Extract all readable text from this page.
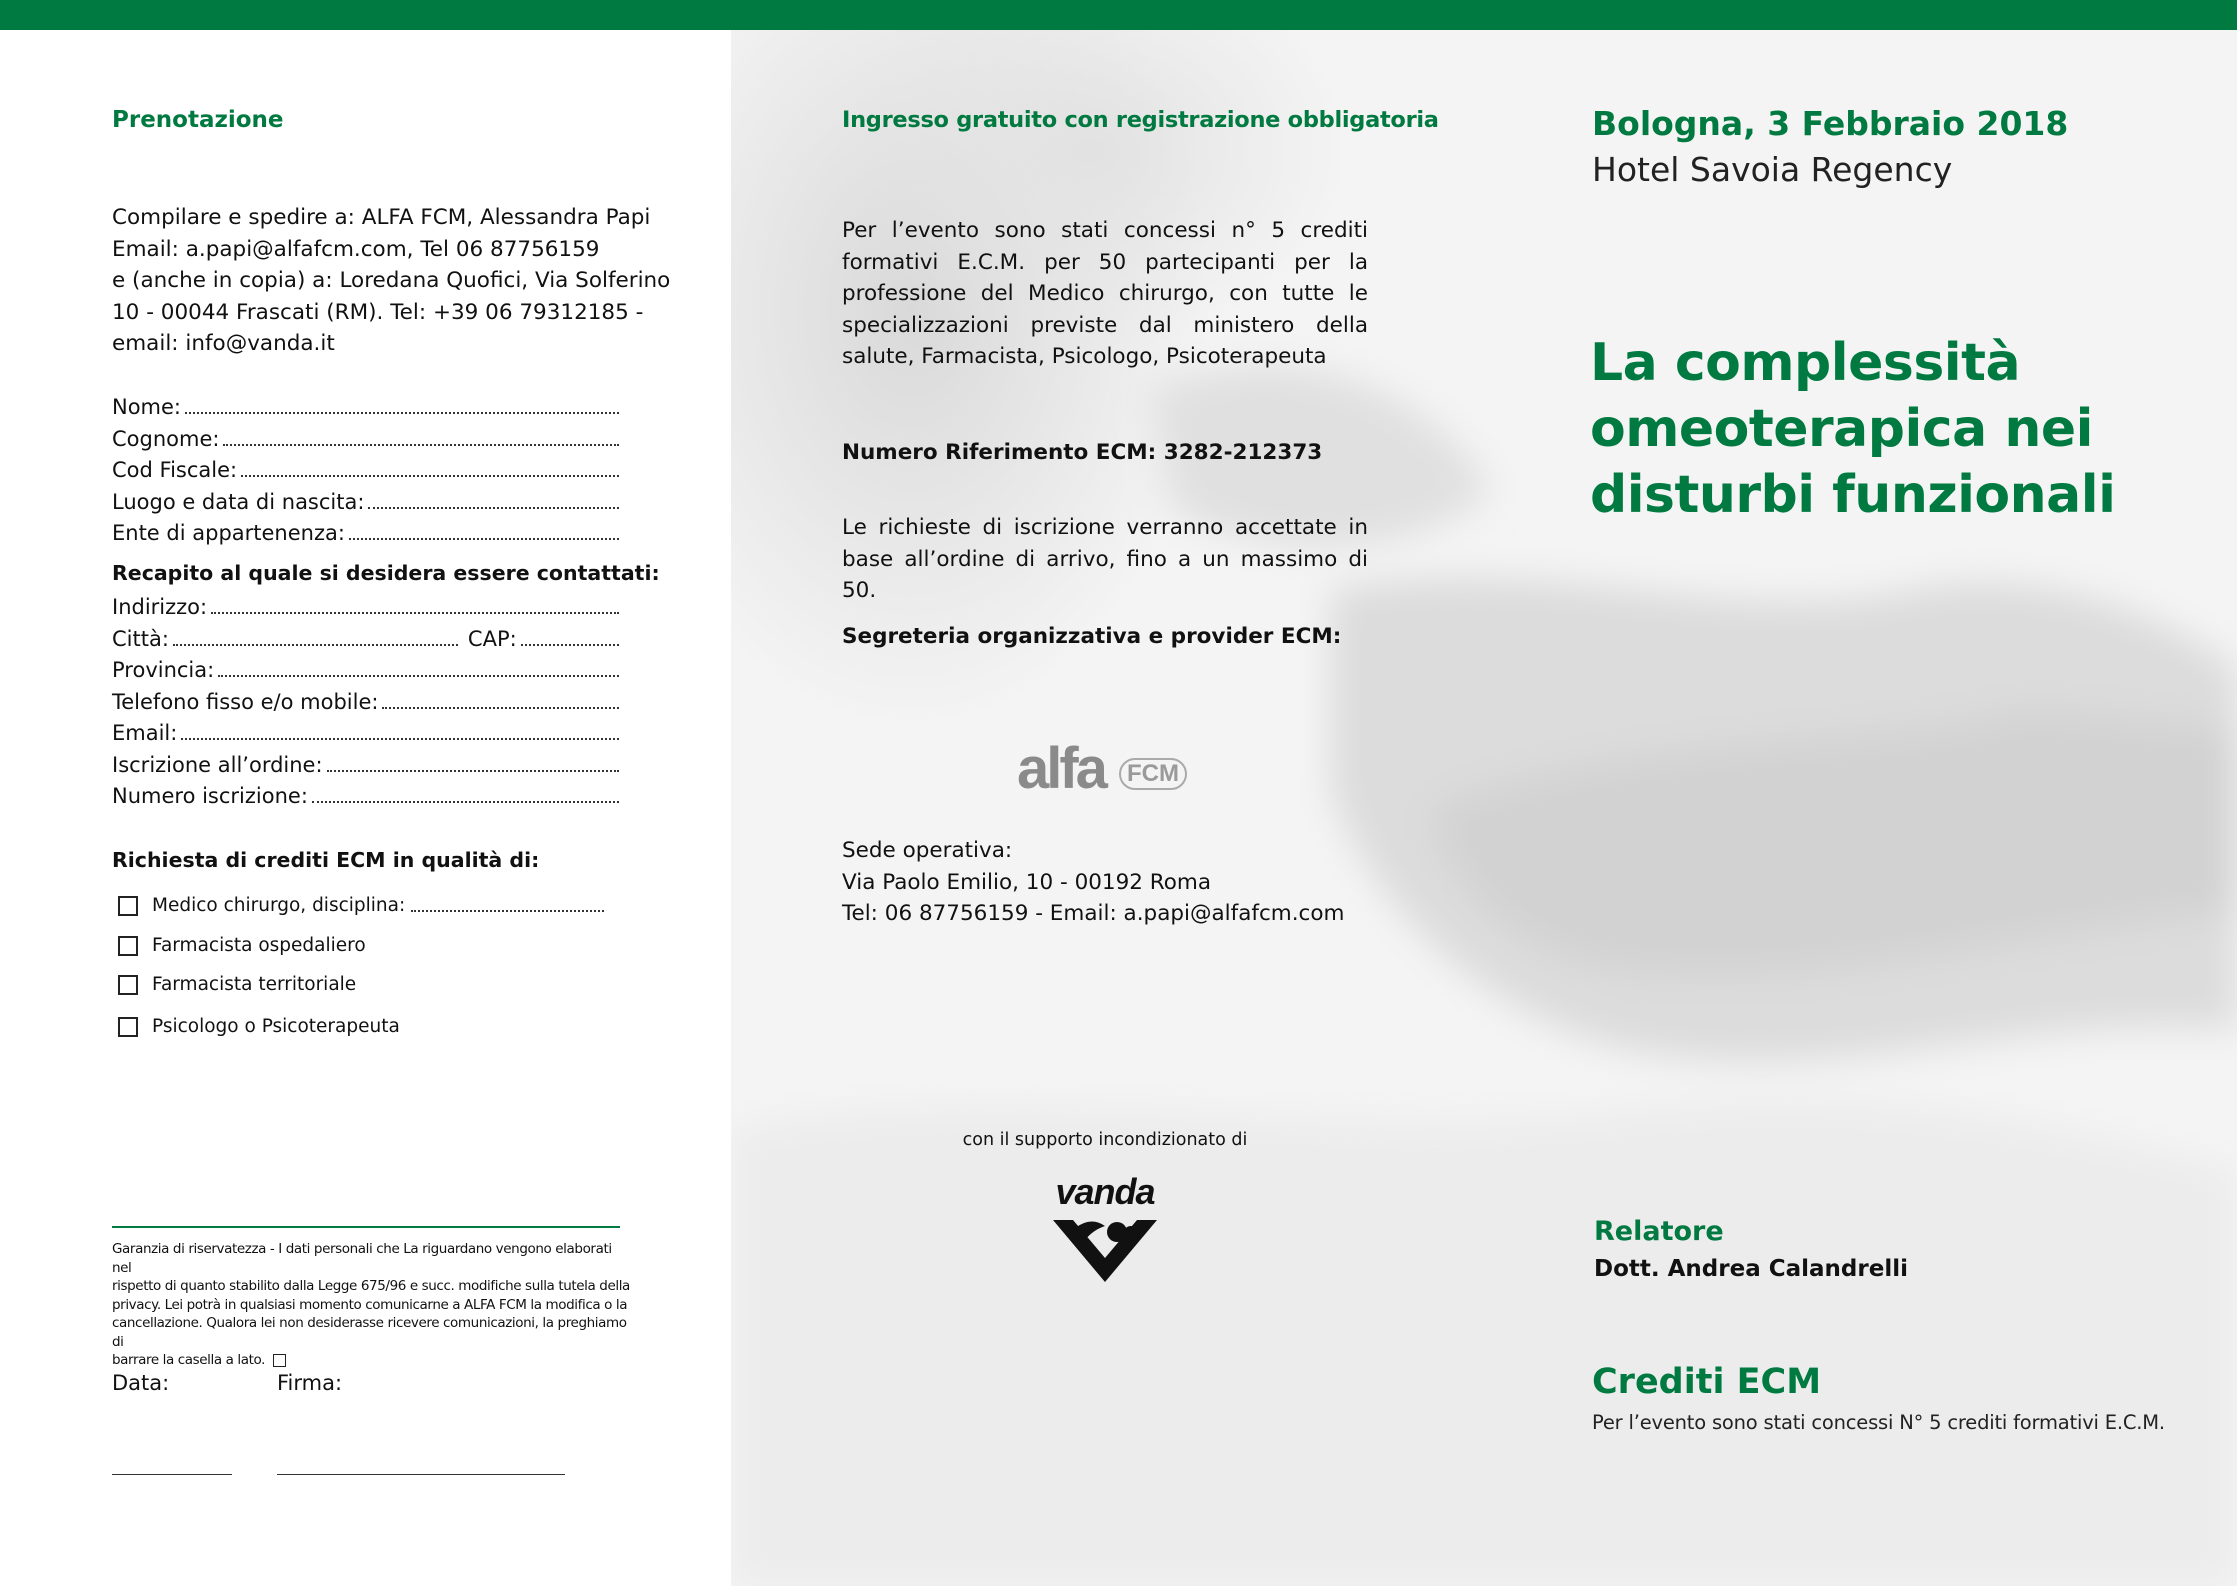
Prenotazione
Compilare e spedire a: ALFA FCM, Alessandra Papi
Email: a.papi@alfafcm.com, Tel 06 87756159
e (anche in copia) a: Loredana Quofici, Via Solferino
10 - 00044 Frascati (RM). Tel: +39 06 79312185 -
email: info@vanda.it
Nome:
Cognome:
Cod Fiscale:
Luogo e data di nascita:
Ente di appartenenza:
Recapito al quale si desidera essere contattati:
Indirizzo:
Città:	CAP:
Provincia:
Telefono fisso e/o mobile:
Email:
Iscrizione all’ordine:
Numero iscrizione:
Richiesta di crediti ECM in qualità di:
Medico chirurgo, disciplina:
Farmacista ospedaliero
Farmacista territoriale
Psicologo o Psicoterapeuta
Garanzia di riservatezza - I dati personali che La riguardano vengono elaborati nel
rispetto di quanto stabilito dalla Legge 675/96 e succ. modifiche sulla tutela della
privacy. Lei potrà in qualsiasi momento comunicarne a ALFA FCM la modifica o la
cancellazione. Qualora lei non desiderasse ricevere comunicazioni, la preghiamo di
barrare la casella a lato.
Data:	Firma:
Ingresso gratuito con registrazione obbligatoria
Per l’evento sono stati concessi n° 5 crediti formativi E.C.M. per 50 partecipanti per la professione del Medico chirurgo, con tutte le specializzazioni previste dal ministero della salute, Farmacista, Psicologo, Psicoterapeuta
Numero Riferimento ECM: 3282-212373
Le richieste di iscrizione verranno accettate in base all’ordine di arrivo, fino a un massimo di 50.
Segreteria organizzativa e provider ECM:
alfa FCM
Sede operativa:
Via Paolo Emilio, 10 - 00192 Roma
Tel: 06 87756159 - Email: a.papi@alfafcm.com
con il supporto incondizionato di
vanda
Bologna, 3 Febbraio 2018
Hotel Savoia Regency
La complessità
omeoterapica nei
disturbi funzionali
Relatore
Dott. Andrea Calandrelli
Crediti ECM
Per l’evento sono stati concessi N° 5 crediti formativi E.C.M.
